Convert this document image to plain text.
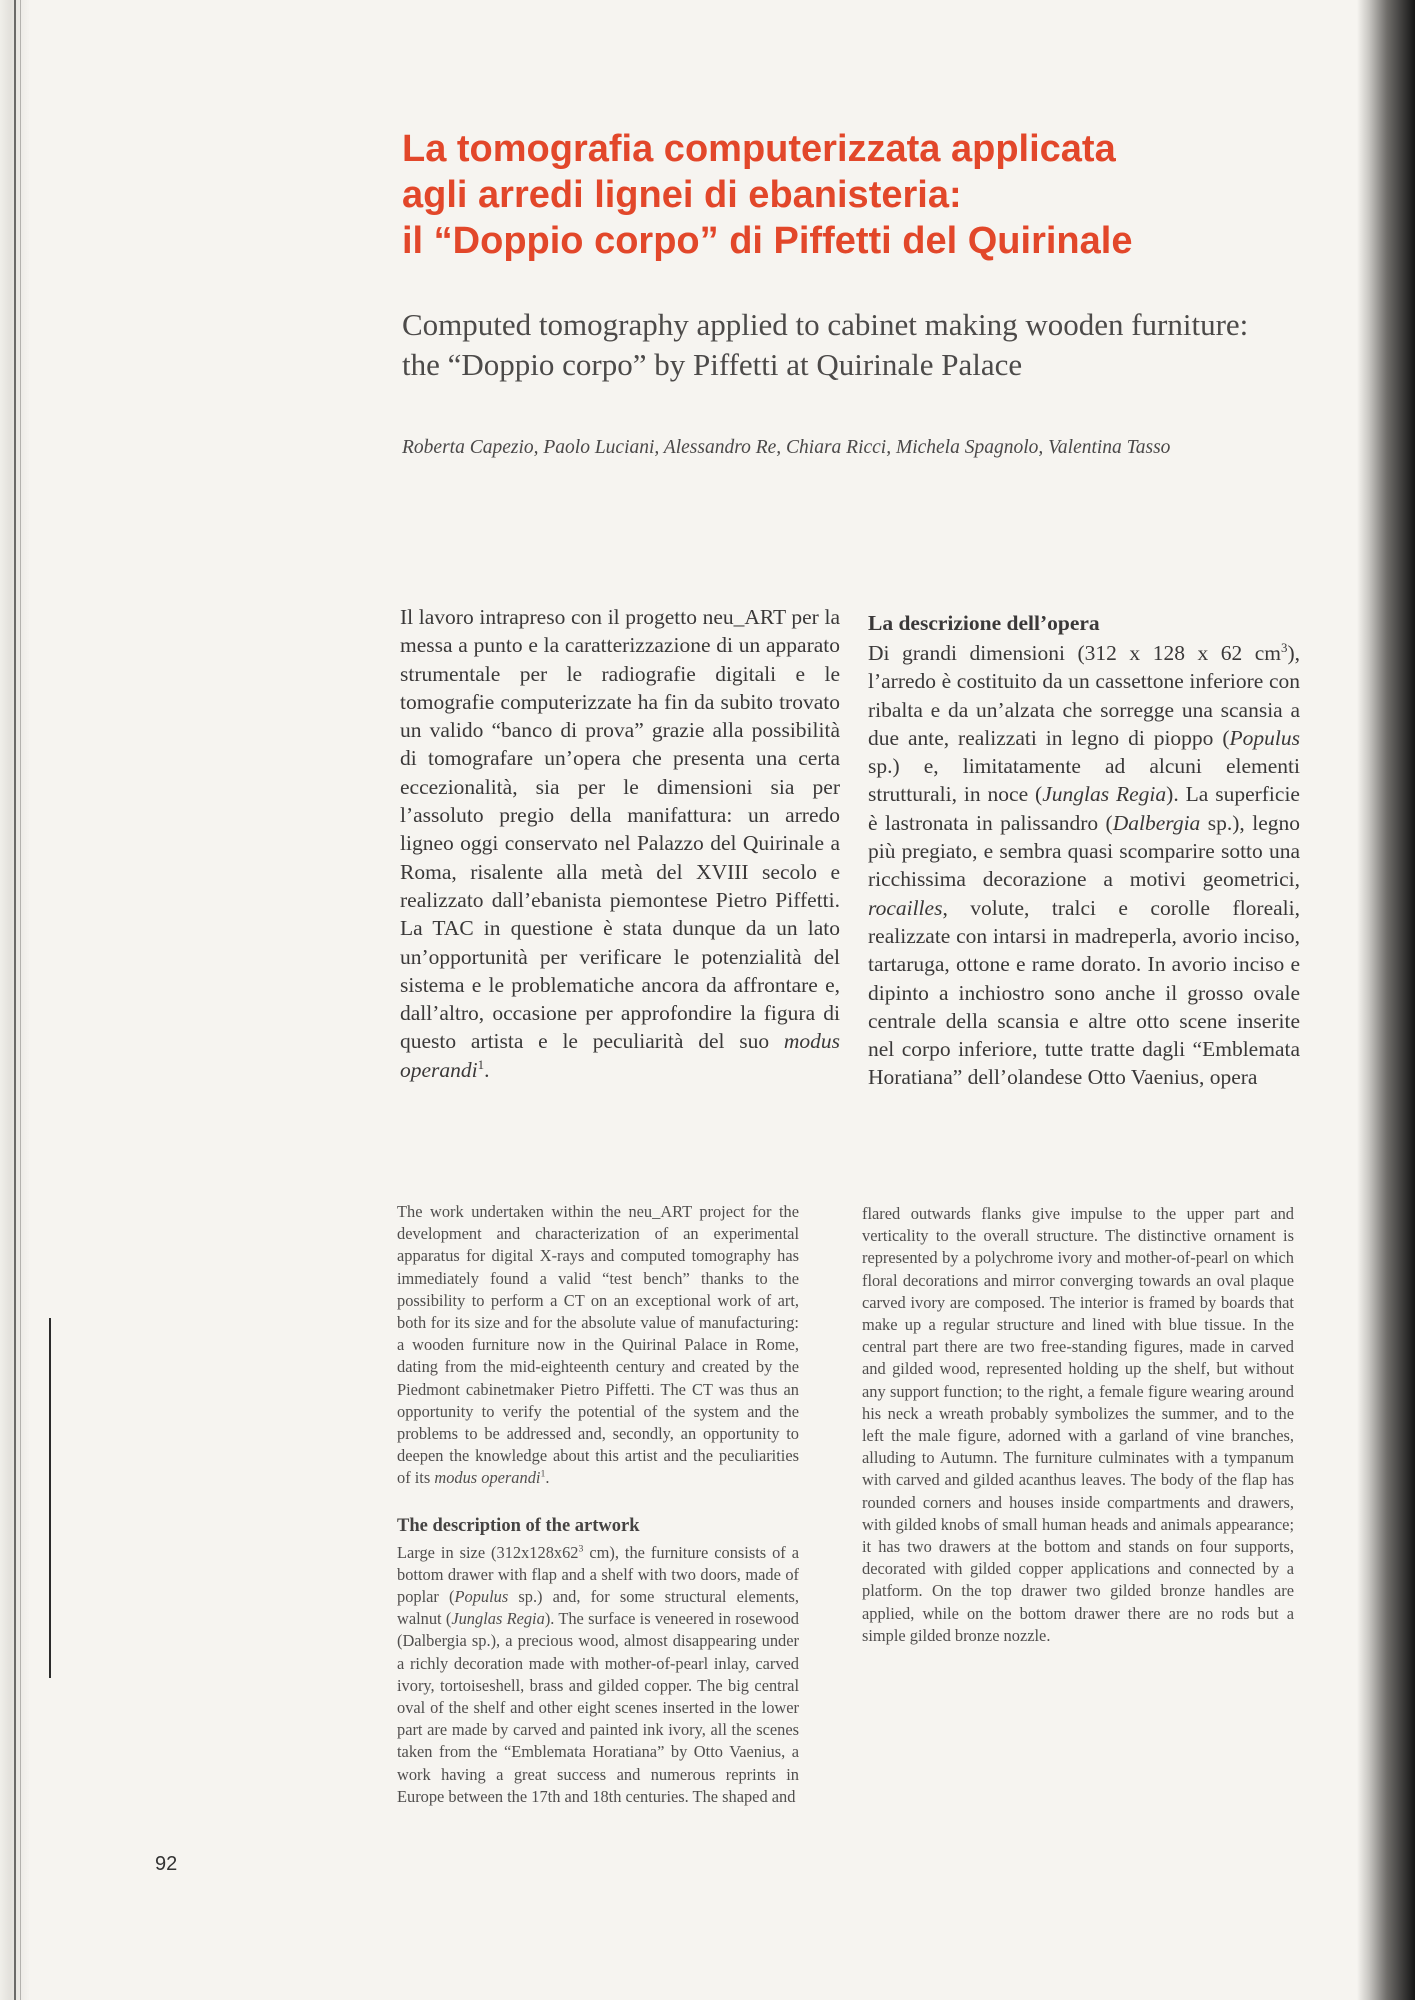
La tomografia computerizzata applicata
agli arredi lignei di ebanisteria:
il “Doppio corpo” di Piffetti del Quirinale
Computed tomography applied to cabinet making wooden furniture:
the “Doppio corpo” by Piffetti at Quirinale Palace

Roberta Capezio, Paolo Luciani, Alessandro Re, Chiara Ricci, Michela Spagnolo, Valentina Tasso

Il lavoro intrapreso con il progetto neu_ART per la messa a punto e la caratterizzazione di un apparato strumentale per le radiografie digitali e le tomografie computerizzate ha fin da subito trovato un valido “banco di prova” grazie alla possibilità di tomografare un’opera che presenta una certa eccezionalità, sia per le dimensioni sia per l’assoluto pregio della manifattura: un arredo ligneo oggi conservato nel Palazzo del Quirinale a Roma, risalente alla metà del XVIII secolo e realizzato dall’ebanista piemontese Pietro Piffetti. La TAC in questione è stata dunque da un lato un’opportunità per verificare le potenzialità del sistema e le problematiche ancora da affrontare e, dall’altro, occasione per approfondire la figura di questo artista e le peculiarità del suo modus operandi$^1$.

La descrizione dell’opera

Di grandi dimensioni (312 x 128 x 62 $cm^3$), l’arredo è costituito da un cassettone inferiore con ribalta e da un’alzata che sorregge una scansia a due ante, realizzati in legno di pioppo (Populus sp.) e, limitatamente ad alcuni elementi strutturali, in noce (Junglas Regia). La superficie è lastronata in palissandro (Dalbergia sp.), legno più pregiato, e sembra quasi scomparire sotto una ricchissima decorazione a motivi geometrici, rocailles, volute, tralci e corolle floreali, realizzate con intarsi in madreperla, avorio inciso, tartaruga, ottone e rame dorato. In avorio inciso e dipinto a inchiostro sono anche il grosso ovale centrale della scansia e altre otto scene inserite nel corpo inferiore, tutte tratte dagli “Emblemata Horatiana” dell’olandese Otto Vaenius, opera

The work undertaken within the neu_ART project for the development and characterization of an experimental apparatus for digital X-rays and computed tomography has immediately found a valid “test bench” thanks to the possibility to perform a CT on an exceptional work of art, both for its size and for the absolute value of manufacturing: a wooden furniture now in the Quirinal Palace in Rome, dating from the mid-eighteenth century and created by the Piedmont cabinetmaker Pietro Piffetti. The CT was thus an opportunity to verify the potential of the system and the problems to be addressed and, secondly, an opportunity to deepen the knowledge about this artist and the peculiarities of its modus operandi$^1$.

The description of the artwork

Large in size ($312x128x62^3$ cm), the furniture consists of a bottom drawer with flap and a shelf with two doors, made of poplar (Populus sp.) and, for some structural elements, walnut (Junglas Regia). The surface is veneered in rosewood (Dalbergia sp.), a precious wood, almost disappearing under a richly decoration made with mother-of-pearl inlay, carved ivory, tortoiseshell, brass and gilded copper. The big central oval of the shelf and other eight scenes inserted in the lower part are made by carved and painted ink ivory, all the scenes taken from the “Emblemata Horatiana” by Otto Vaenius, a work having a great success and numerous reprints in Europe between the 17th and 18th centuries. The shaped and

92

flared outwards flanks give impulse to the upper part and verticality to the overall structure. The distinctive ornament is represented by a polychrome ivory and mother-of-pearl on which floral decorations and mirror converging towards an oval plaque carved ivory are composed. The interior is framed by boards that make up a regular structure and lined with blue tissue. In the central part there are two free-standing figures, made in carved and gilded wood, represented holding up the shelf, but without any support function; to the right, a female figure wearing around his neck a wreath probably symbolizes the summer, and to the left the male figure, adorned with a garland of vine branches, alluding to Autumn. The furniture culminates with a tympanum with carved and gilded acanthus leaves. The body of the flap has rounded corners and houses inside compartments and drawers, with gilded knobs of small human heads and animals appearance; it has two drawers at the bottom and stands on four supports, decorated with gilded copper applications and connected by a platform. On the top drawer two gilded bronze handles are applied, while on the bottom drawer there are no rods but a simple gilded bronze nozzle.
